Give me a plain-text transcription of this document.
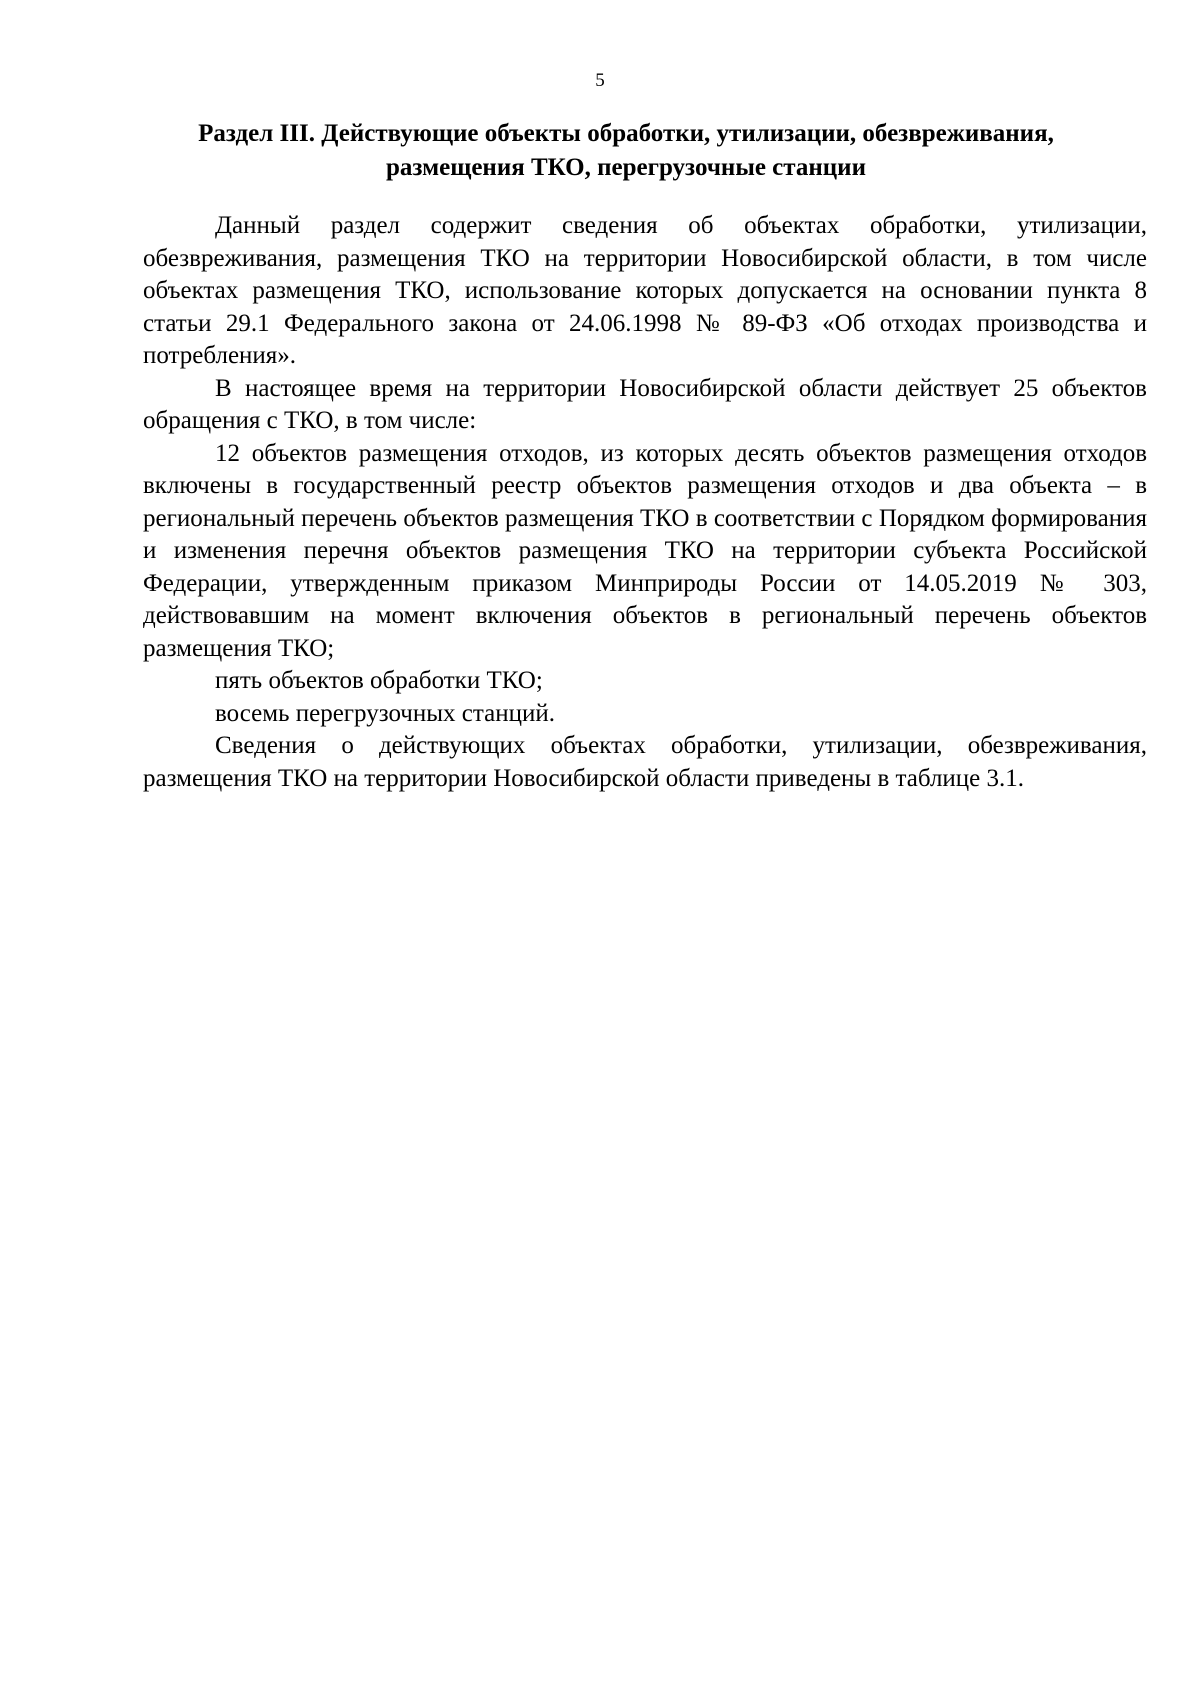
5
Раздел III. Действующие объекты обработки, утилизации, обезвреживания,
размещения ТКО, перегрузочные станции

Данный раздел содержит сведения об объектах обработки, утилизации, обезвреживания, размещения ТКО на территории Новосибирской области, в том числе объектах размещения ТКО, использование которых допускается на основании пункта 8 статьи 29.1 Федерального закона от 24.06.1998 № 89-ФЗ «Об отходах производства и потребления».

В настоящее время на территории Новосибирской области действует 25 объектов обращения с ТКО, в том числе:

12 объектов размещения отходов, из которых десять объектов размещения отходов включены в государственный реестр объектов размещения отходов и два объекта – в региональный перечень объектов размещения ТКО в соответствии с Порядком формирования и изменения перечня объектов размещения ТКО на территории субъекта Российской Федерации, утвержденным приказом Минприроды России от 14.05.2019 № 303, действовавшим на момент включения объектов в региональный перечень объектов размещения ТКО;

пять объектов обработки ТКО;

восемь перегрузочных станций.

Сведения о действующих объектах обработки, утилизации, обезвреживания, размещения ТКО на территории Новосибирской области приведены в таблице 3.1.
